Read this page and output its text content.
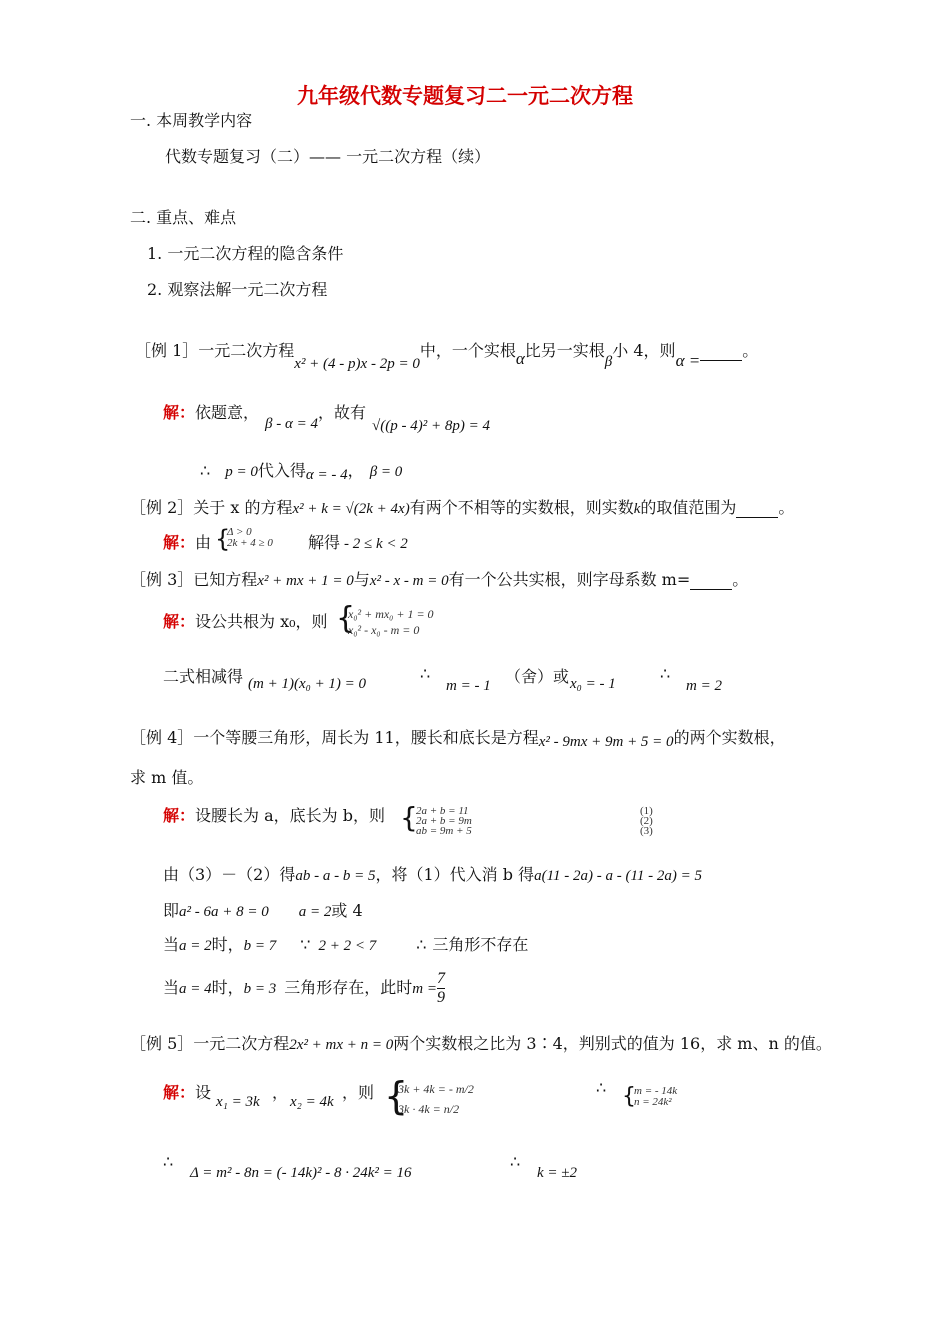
九年级代数专题复习二一元二次方程
一. 本周教学内容
代数专题复习（二）—— 一元二次方程（续）
二. 重点、难点
1. 一元二次方程的隐含条件
2. 观察法解一元二次方程
［例 1］一元二次方程x² + (4 - p)x - 2p = 0中，一个实根α比另一实根β小 4，则α =。
解：依题意，β - α = 4，故有√((p - 4)² + 8p) = 4
∴ p = 0代入得α = - 4， β = 0
［例 2］关于 x 的方程x² + k = √(2k + 4x)有两个不相等的实数根，则实数k的取值范围为	。
解：由 {
Δ > 0
2k + 4 ≥ 0 解得 - 2 ≤ k < 2
［例 3］已知方程x² + mx + 1 = 0与x² - x - m = 0有一个公共实根，则字母系数 m=	。
解：设公共根为 x₀，则 {
x₀² + mx₀ + 1 = 0
x₀² - x₀ - m = 0
二式相减得 (m + 1)(x₀ + 1) = 0
∴
m = - 1 （舍）或 x₀ = - 1
∴
m = 2
［例 4］一个等腰三角形，周长为 11，腰长和底长是方程x² - 9mx + 9m + 5 = 0的两个实数根，
求 m 值。
解：设腰长为 a，底长为 b，则 {
2a + b = 11
2a + b = 9m
ab = 9m + 5
(1)
(2)
(3)
由（3）－（2）得ab - a - b = 5，将（1）代入消 b 得a(11 - 2a) - a - (11 - 2a) = 5
即a² - 6a + 8 = 0 a = 2或 4
当a = 2时，b = 7 ∵ 2 + 2 < 7	∴ 三角形不存在
当a = 4时，b = 3 三角形存在，此时$m = \frac{7}{9}$
［例 5］一元二次方程2x² + mx + n = 0两个实数根之比为 3∶4，判别式的值为 16，求 m、n 的值。
解：设 x₁ = 3k ， x₂ = 4k ，则 {
3k + 4k = - m/2
3k · 4k = n/2
∴ {
m = - 14k
n = 24k²
∴
Δ = m² - 8n = (- 14k)² - 8 · 24k² = 16
∴
k = ±2
